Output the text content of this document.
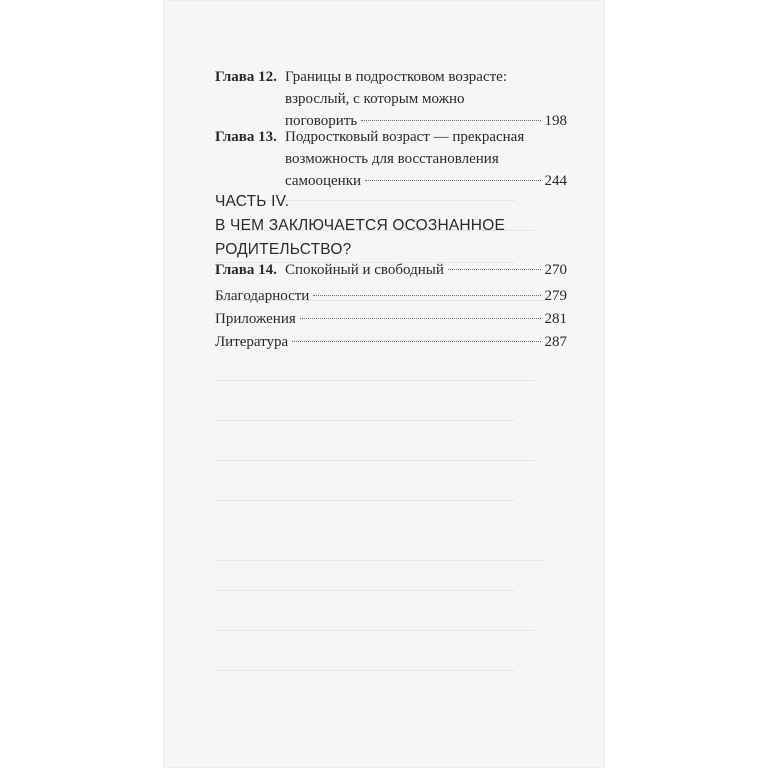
Глава 12. Границы в подростковом возрасте:
взрослый, с которым можно
поговорить	198
Глава 13. Подростковый возраст — прекрасная
возможность для восстановления
самооценки	244
ЧАСТЬ IV.
В ЧЕМ ЗАКЛЮЧАЕТСЯ ОСОЗНАННОЕ
РОДИТЕЛЬСТВО?
Глава 14. Спокойный и свободный	270
Благодарности	279
Приложения	281
Литература	287
